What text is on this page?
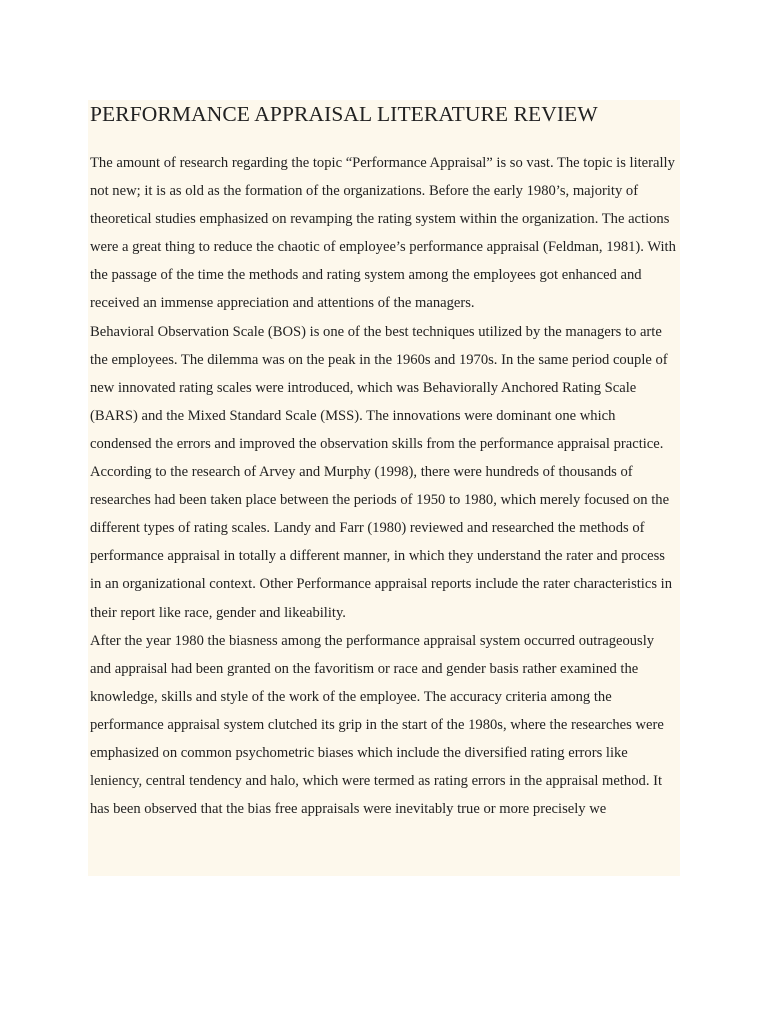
PERFORMANCE APPRAISAL LITERATURE REVIEW

The amount of research regarding the topic “Performance Appraisal” is so vast. The topic is literally not new; it is as old as the formation of the organizations. Before the early 1980’s, majority of theoretical studies emphasized on revamping the rating system within the organization. The actions were a great thing to reduce the chaotic of employee’s performance appraisal (Feldman, 1981). With the passage of the time the methods and rating system among the employees got enhanced and received an immense appreciation and attentions of the managers.

Behavioral Observation Scale (BOS) is one of the best techniques utilized by the managers to arte the employees. The dilemma was on the peak in the 1960s and 1970s. In the same period couple of new innovated rating scales were introduced, which was Behaviorally Anchored Rating Scale (BARS) and the Mixed Standard Scale (MSS). The innovations were dominant one which condensed the errors and improved the observation skills from the performance appraisal practice. According to the research of Arvey and Murphy (1998), there were hundreds of thousands of researches had been taken place between the periods of 1950 to 1980, which merely focused on the different types of rating scales. Landy and Farr (1980) reviewed and researched the methods of performance appraisal in totally a different manner, in which they understand the rater and process in an organizational context. Other Performance appraisal reports include the rater characteristics in their report like race, gender and likeability.

After the year 1980 the biasness among the performance appraisal system occurred outrageously and appraisal had been granted on the favoritism or race and gender basis rather examined the knowledge, skills and style of the work of the employee. The accuracy criteria among the performance appraisal system clutched its grip in the start of the 1980s, where the researches were emphasized on common psychometric biases which include the diversified rating errors like leniency, central tendency and halo, which were termed as rating errors in the appraisal method. It has been observed that the bias free appraisals were inevitably true or more precisely we
